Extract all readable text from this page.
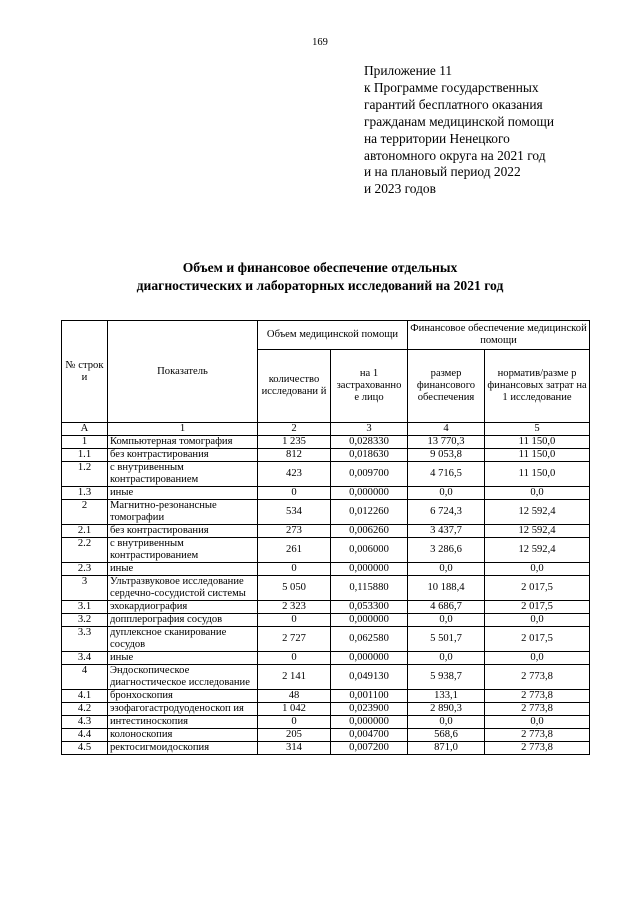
169
Приложение 11
к Программе государственных
гарантий бесплатного оказания
гражданам медицинской помощи
на территории Ненецкого
автономного округа на 2021 год
и на плановый период 2022
и 2023 годов
Объем и финансовое обеспечение отдельных
диагностических и лабораторных исследований на 2021 год
№ строк и	Показатель	Объем медицинской помощи		Финансовое обеспечение медицинской помощи	
		количество исследовани й	на 1 застрахованно е лицо	размер финансового обеспечения	норматив/разме р финансовых затрат на 1 исследование
А	1	2	3	4	5
1	Компьютерная томография	1 235	0,028330	13 770,3	11 150,0
1.1	без контрастирования	812	0,018630	9 053,8	11 150,0
1.2	с внутривенным контрастированием	423	0,009700	4 716,5	11 150,0
1.3	иные	0	0,000000	0,0	0,0
2	Магнитно-резонансные томографии	534	0,012260	6 724,3	12 592,4
2.1	без контрастирования	273	0,006260	3 437,7	12 592,4
2.2	с внутривенным контрастированием	261	0,006000	3 286,6	12 592,4
2.3	иные	0	0,000000	0,0	0,0
3	Ультразвуковое исследование сердечно-сосудистой системы	5 050	0,115880	10 188,4	2 017,5
3.1	эхокардиография	2 323	0,053300	4 686,7	2 017,5
3.2	допплерография сосудов	0	0,000000	0,0	0,0
3.3	дуплексное сканирование сосудов	2 727	0,062580	5 501,7	2 017,5
3.4	иные	0	0,000000	0,0	0,0
4	Эндоскопическое диагностическое исследование	2 141	0,049130	5 938,7	2 773,8
4.1	бронхоскопия	48	0,001100	133,1	2 773,8
4.2	эзофагогастродуоденоскоп ия	1 042	0,023900	2 890,3	2 773,8
4.3	интестиноскопия	0	0,000000	0,0	0,0
4.4	колоноскопия	205	0,004700	568,6	2 773,8
4.5	ректосигмоидоскопия	314	0,007200	871,0	2 773,8
